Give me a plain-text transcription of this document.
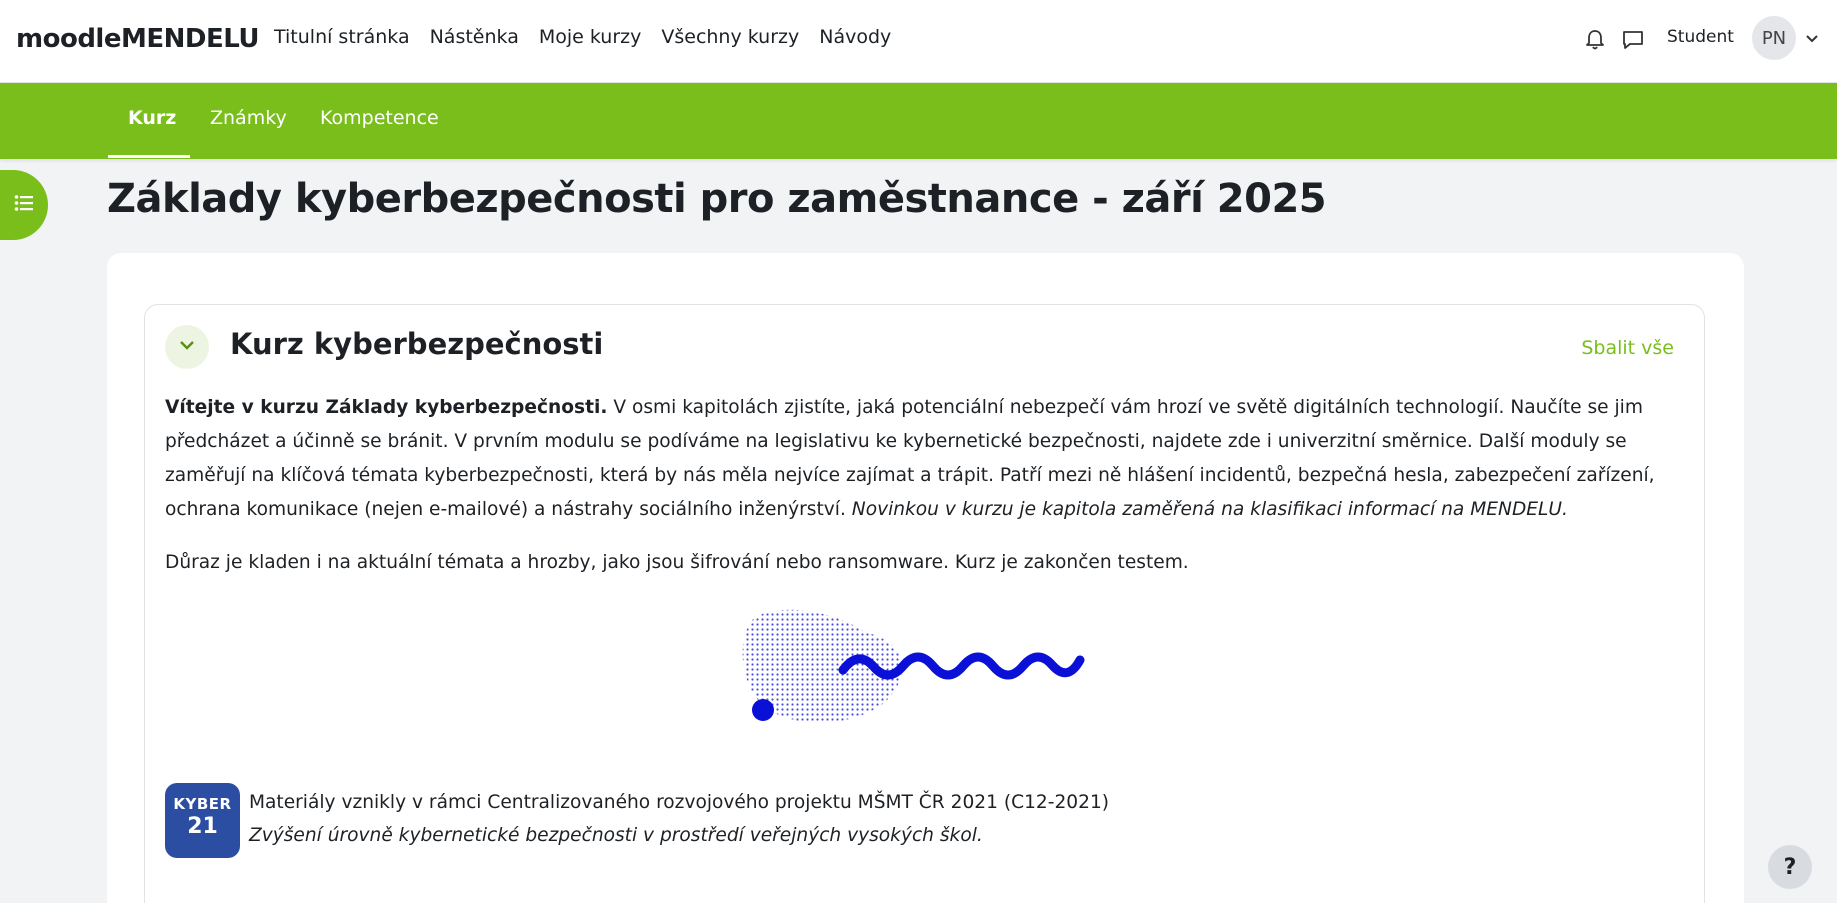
moodleMENDELU Titulní stránka Nástěnka Moje kurzy Všechny kurzy Návody	Student	PN
Kurz Známky Kompetence
Základy kyberbezpečnosti pro zaměstnance - září 2025
Kurz kyberbezpečnosti	Sbalit vše

Vítejte v kurzu Základy kyberbezpečnosti. V osmi kapitolách zjistíte, jaká potenciální nebezpečí vám hrozí ve světě digitálních technologií. Naučíte se jim předcházet a účinně se bránit. V prvním modulu se podíváme na legislativu ke kybernetické bezpečnosti, najdete zde i univerzitní směrnice. Další moduly se zaměřují na klíčová témata kyberbezpečnosti, která by nás měla nejvíce zajímat a trápit. Patří mezi ně hlášení incidentů, bezpečná hesla, zabezpečení zařízení, ochrana komunikace (nejen e-mailové) a nástrahy sociálního inženýrství. Novinkou v kurzu je kapitola zaměřená na klasifikaci informací na MENDELU.

Důraz je kladen i na aktuální témata a hrozby, jako jsou šifrování nebo ransomware. Kurz je zakončen testem.

KYBER
21
Materiály vznikly v rámci Centralizovaného rozvojového projektu MŠMT ČR 2021 (C12-2021)
Zvýšení úrovně kybernetické bezpečnosti v prostředí veřejných vysokých škol.
?
